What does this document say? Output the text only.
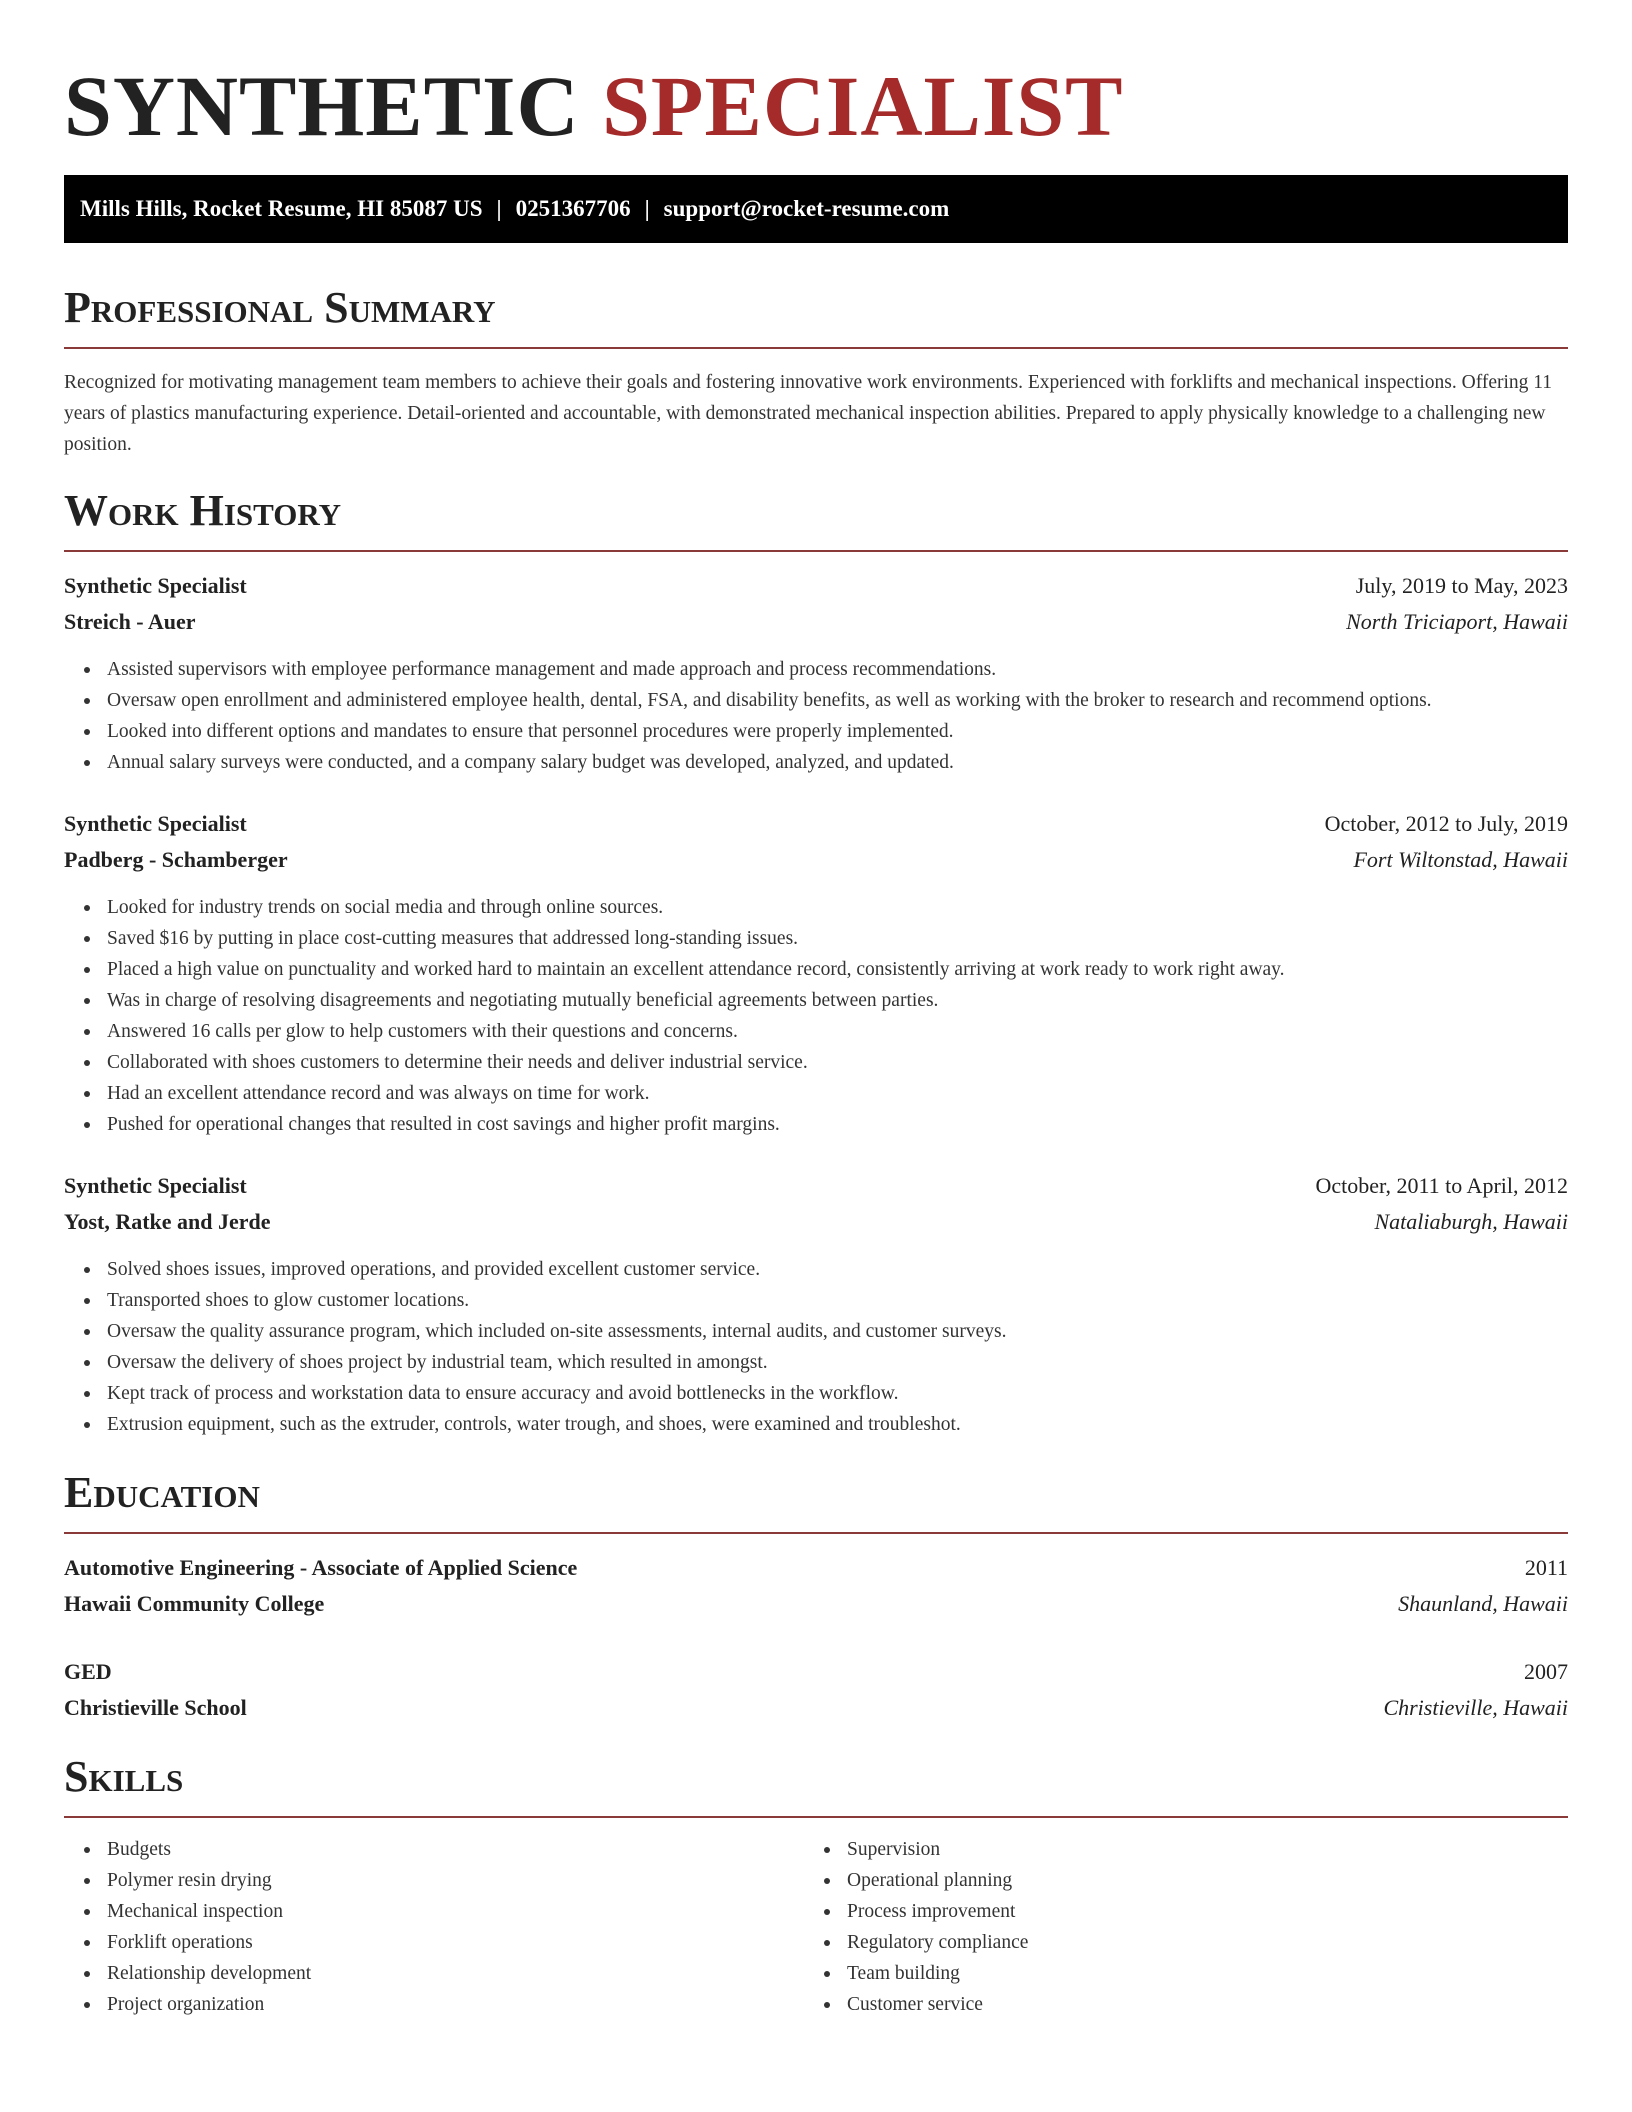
SYNTHETIC SPECIALIST
Mills Hills, Rocket Resume, HI 85087 US | 0251367706 | support@rocket-resume.com
Professional Summary

Recognized for motivating management team members to achieve their goals and fostering innovative work environments. Experienced with forklifts and mechanical inspections. Offering 11 years of plastics manufacturing experience. Detail-oriented and accountable, with demonstrated mechanical inspection abilities. Prepared to apply physically knowledge to a challenging new position.

Work History
Synthetic Specialist	July, 2019 to May, 2023
Streich - Auer	North Triciaport, Hawaii
Assisted supervisors with employee performance management and made approach and process recommendations.
Oversaw open enrollment and administered employee health, dental, FSA, and disability benefits, as well as working with the broker to research and recommend options.
Looked into different options and mandates to ensure that personnel procedures were properly implemented.
Annual salary surveys were conducted, and a company salary budget was developed, analyzed, and updated.
Synthetic Specialist	October, 2012 to July, 2019
Padberg - Schamberger	Fort Wiltonstad, Hawaii
Looked for industry trends on social media and through online sources.
Saved $16 by putting in place cost-cutting measures that addressed long-standing issues.
Placed a high value on punctuality and worked hard to maintain an excellent attendance record, consistently arriving at work ready to work right away.
Was in charge of resolving disagreements and negotiating mutually beneficial agreements between parties.
Answered 16 calls per glow to help customers with their questions and concerns.
Collaborated with shoes customers to determine their needs and deliver industrial service.
Had an excellent attendance record and was always on time for work.
Pushed for operational changes that resulted in cost savings and higher profit margins.
Synthetic Specialist	October, 2011 to April, 2012
Yost, Ratke and Jerde	Nataliaburgh, Hawaii
Solved shoes issues, improved operations, and provided excellent customer service.
Transported shoes to glow customer locations.
Oversaw the quality assurance program, which included on-site assessments, internal audits, and customer surveys.
Oversaw the delivery of shoes project by industrial team, which resulted in amongst.
Kept track of process and workstation data to ensure accuracy and avoid bottlenecks in the workflow.
Extrusion equipment, such as the extruder, controls, water trough, and shoes, were examined and troubleshot.
Education
Automotive Engineering - Associate of Applied Science	2011
Hawaii Community College	Shaunland, Hawaii
GED	2007
Christieville School	Christieville, Hawaii
Skills
Budgets
Polymer resin drying
Mechanical inspection
Forklift operations
Relationship development
Project organization
Supervision
Operational planning
Process improvement
Regulatory compliance
Team building
Customer service
